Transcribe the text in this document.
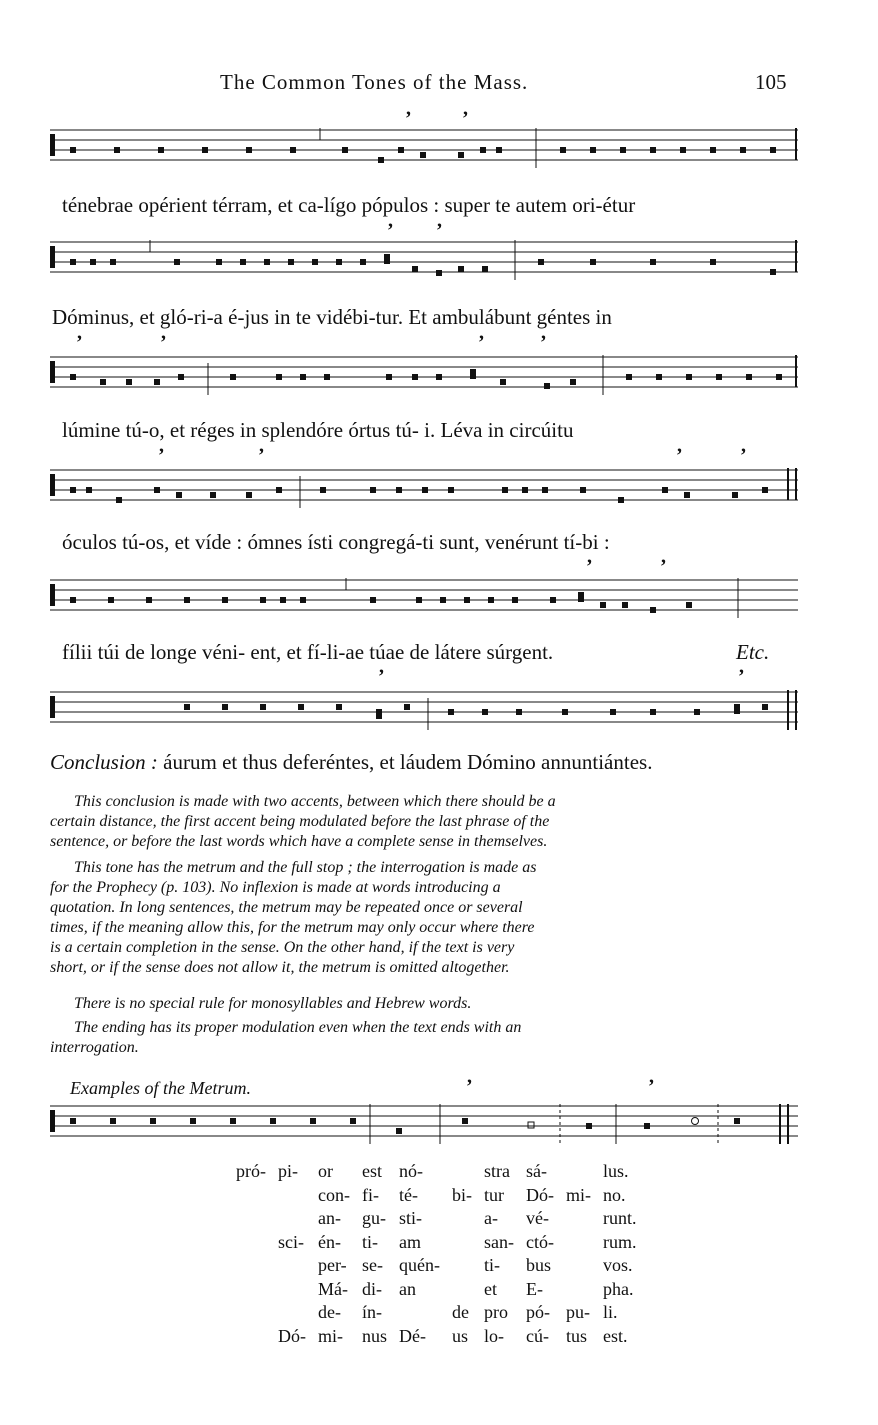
The Common Tones of the Mass.	105
ʼ	ʼ
ténebrae opérient térram, et ca-lígo pópulos : super te autem ori-étur
ʼ ʼ
Dóminus, et gló-ri-a é-jus in te vidébi-tur. Et ambulábunt géntes in
ʼ	ʼ	ʼ	ʼ
lúmine tú-o, et réges in splendóre órtus tú- i. Léva in circúitu
ʼ	ʼ	ʼ	ʼ
óculos tú-os, et víde : ómnes ísti congregá-ti sunt, venérunt tí-bi :
ʼ	ʼ
fílii túi de longe véni- ent, et fí-li-ae túae de látere súrgent.	Etc.
ʼ	ʼ
Conclusion : áurum et thus deferéntes, et láudem Dómino annuntiántes.
This conclusion is made with two accents, between which there should be a
certain distance, the first accent being modulated before the last phrase of the
sentence, or before the last words which have a complete sense in themselves.
This tone has the metrum and the full stop ; the interrogation is made as
for the Prophecy (p. 103). No inflexion is made at words introducing a
quotation. In long sentences, the metrum may be repeated once or several
times, if the meaning allow this, for the metrum may only occur where there
is a certain completion in the sense. On the other hand, if the text is very
short, or if the sense does not allow it, the metrum is omitted altogether.
There is no special rule for monosyllables and Hebrew words.
The ending has its proper modulation even when the text ends with an
interrogation.
Examples of the Metrum.	ʼ	ʼ
pró-	pi-	or	est	nó-		stra	sá-		lus.
		con-	fi-	té-	bi-	tur	Dó-	mi-	no.
		an-	gu-	sti-		a-	vé-		runt.
	sci-	én-	ti-	am		san-	ctó-		rum.
		per-	se-	quén-		ti-	bus		vos.
		Má-	di-	an		et	E-		pha.
		de-	ín-		de	pro	pó-	pu-	li.
	Dó-	mi-	nus	Dé-	us	lo-	cú-	tus	est.
